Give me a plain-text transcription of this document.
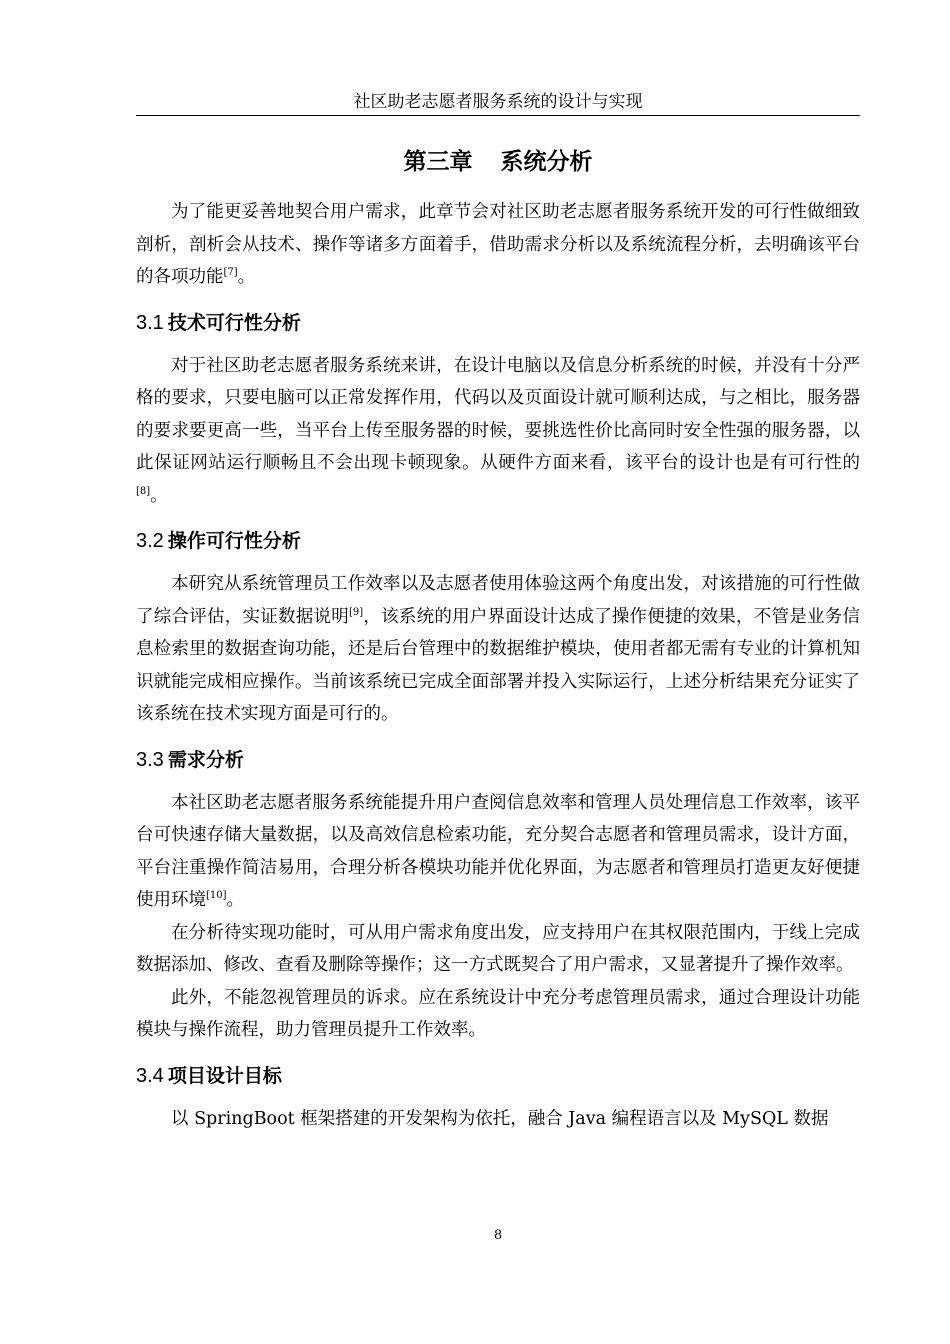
社区助老志愿者服务系统的设计与实现
第三章 系统分析

为了能更妥善地契合用户需求，此章节会对社区助老志愿者服务系统开发的可行性做细致剖析，剖析会从技术、操作等诸多方面着手，借助需求分析以及系统流程分析，去明确该平台的各项功能[7]。

3.1 技术可行性分析

对于社区助老志愿者服务系统来讲，在设计电脑以及信息分析系统的时候，并没有十分严格的要求，只要电脑可以正常发挥作用，代码以及页面设计就可顺利达成，与之相比，服务器的要求要更高一些，当平台上传至服务器的时候，要挑选性价比高同时安全性强的服务器，以此保证网站运行顺畅且不会出现卡顿现象。从硬件方面来看，该平台的设计也是有可行性的[8]。

3.2 操作可行性分析

本研究从系统管理员工作效率以及志愿者使用体验这两个角度出发，对该措施的可行性做了综合评估，实证数据说明[9]，该系统的用户界面设计达成了操作便捷的效果，不管是业务信息检索里的数据查询功能，还是后台管理中的数据维护模块，使用者都无需有专业的计算机知识就能完成相应操作。当前该系统已完成全面部署并投入实际运行，上述分析结果充分证实了该系统在技术实现方面是可行的。

3.3 需求分析

本社区助老志愿者服务系统能提升用户查阅信息效率和管理人员处理信息工作效率，该平台可快速存储大量数据，以及高效信息检索功能，充分契合志愿者和管理员需求，设计方面，平台注重操作简洁易用，合理分析各模块功能并优化界面，为志愿者和管理员打造更友好便捷使用环境[10]。

在分析待实现功能时，可从用户需求角度出发，应支持用户在其权限范围内，于线上完成数据添加、修改、查看及删除等操作；这一方式既契合了用户需求，又显著提升了操作效率。

此外，不能忽视管理员的诉求。应在系统设计中充分考虑管理员需求，通过合理设计功能模块与操作流程，助力管理员提升工作效率。

3.4 项目设计目标

以 SpringBoot 框架搭建的开发架构为依托，融合 Java 编程语言以及 MySQL 数据

8
